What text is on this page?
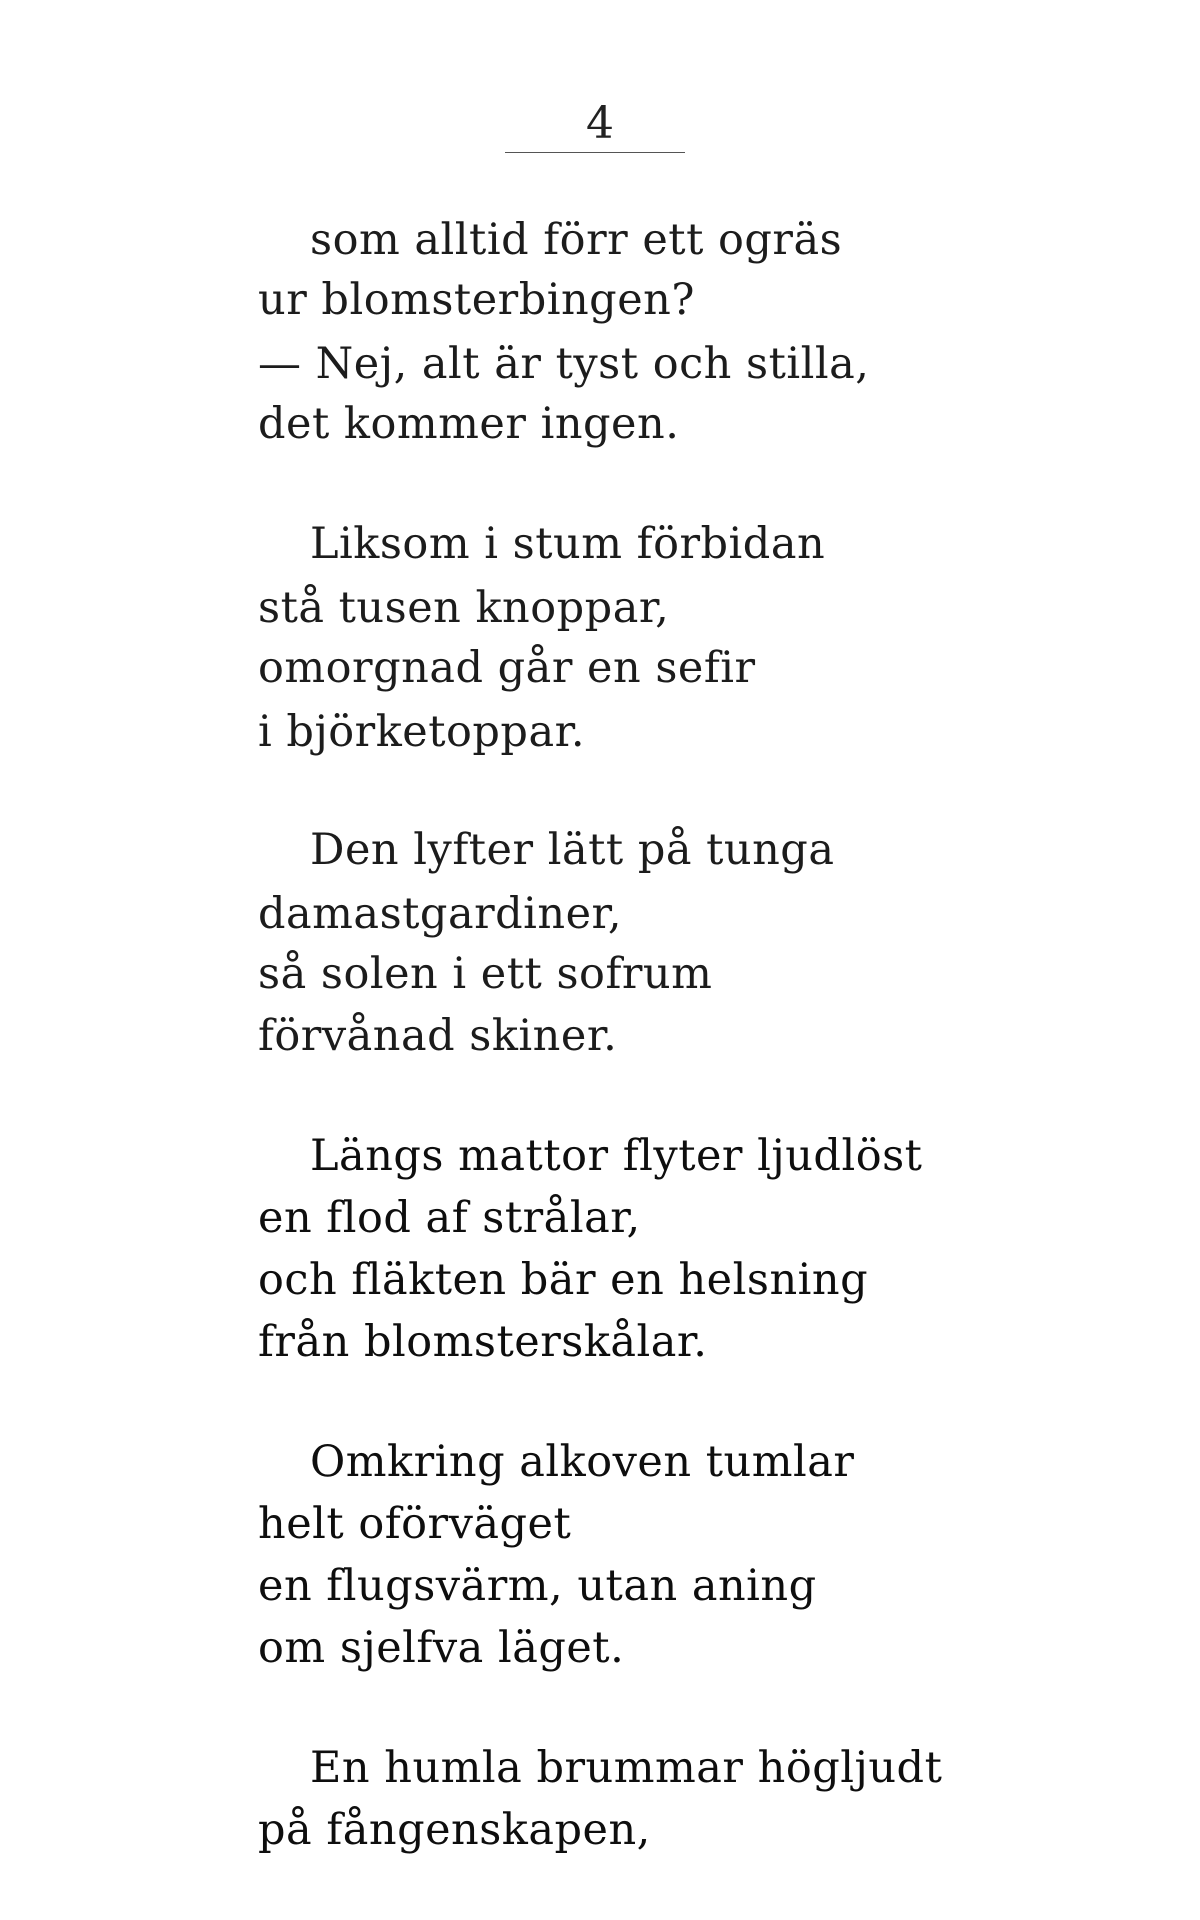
4
som alltid förr ett ogräs
ur blomsterbingen?
— Nej, alt är tyst och stilla,
det kommer ingen.
Liksom i stum förbidan
stå tusen knoppar,
omorgnad går en sefir
i björketoppar.
Den lyfter lätt på tunga
damastgardiner,
så solen i ett sofrum
förvånad skiner.
Längs mattor flyter ljudlöst
en flod af strålar,
och fläkten bär en helsning
från blomsterskålar.
Omkring alkoven tumlar
helt oförväget
en flugsvärm, utan aning
om sjelfva läget.
En humla brummar högljudt
på fångenskapen,
